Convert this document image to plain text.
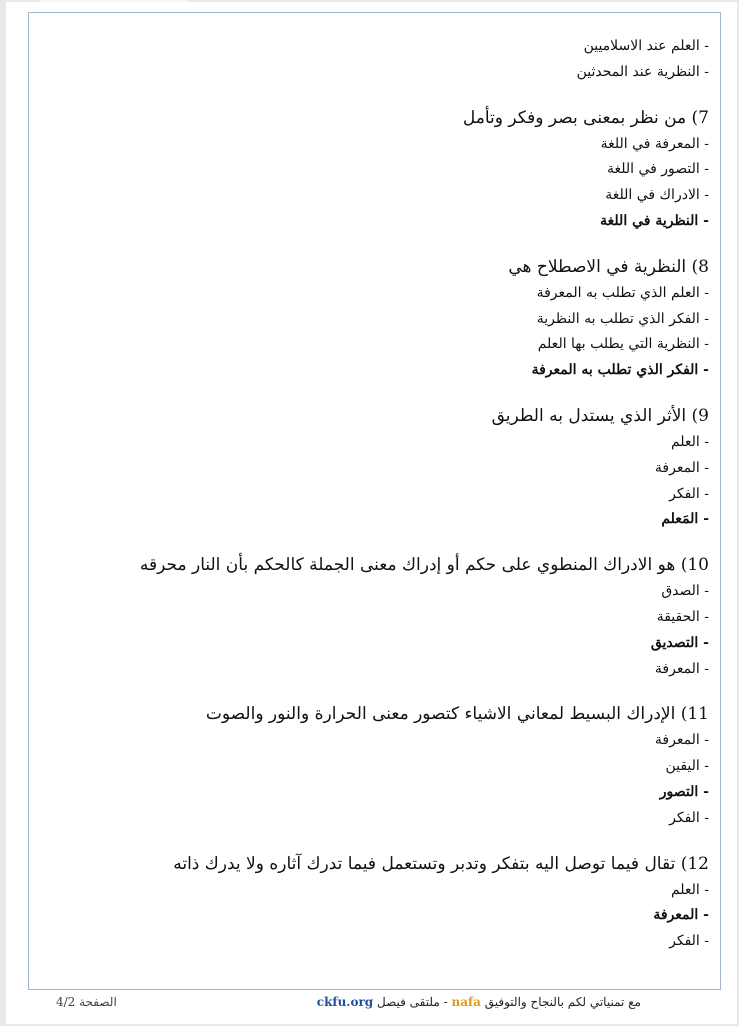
- العلم عند الاسلاميين
- النظرية عند المحدثين
7) من نظر بمعنى بصر وفكر وتأمل
- المعرفة في اللغة
- التصور في اللغة
- الادراك في اللغة
- النظرية في اللغة
8) النظرية في الاصطلاح هي
- العلم الذي تطلب به المعرفة
- الفكر الذي تطلب به النظرية
- النظرية التي يطلب بها العلم
- الفكر الذي تطلب به المعرفة
9) الأثر الذي يستدل به الطريق
- العلم
- المعرفة
- الفكر
- المَعلم
10) هو الادراك المنطوي على حكم أو إدراك معنى الجملة كالحكم بأن النار محرقه
- الصدق
- الحقيقة
- التصديق
- المعرفة
11) الإدراك البسيط لمعاني الاشياء كتصور معنى الحرارة والنور والصوت
- المعرفة
- اليقين
- التصور
- الفكر
12) تقال فيما توصل اليه بتفكر وتدبر وتستعمل فيما تدرك آثاره ولا يدرك ذاته
- العلم
- المعرفة
- الفكر
مع تمنياتي لكم بالنجاح والتوفيق nafa - ملتقى فيصل ckfu.org
الصفحة 4/2
